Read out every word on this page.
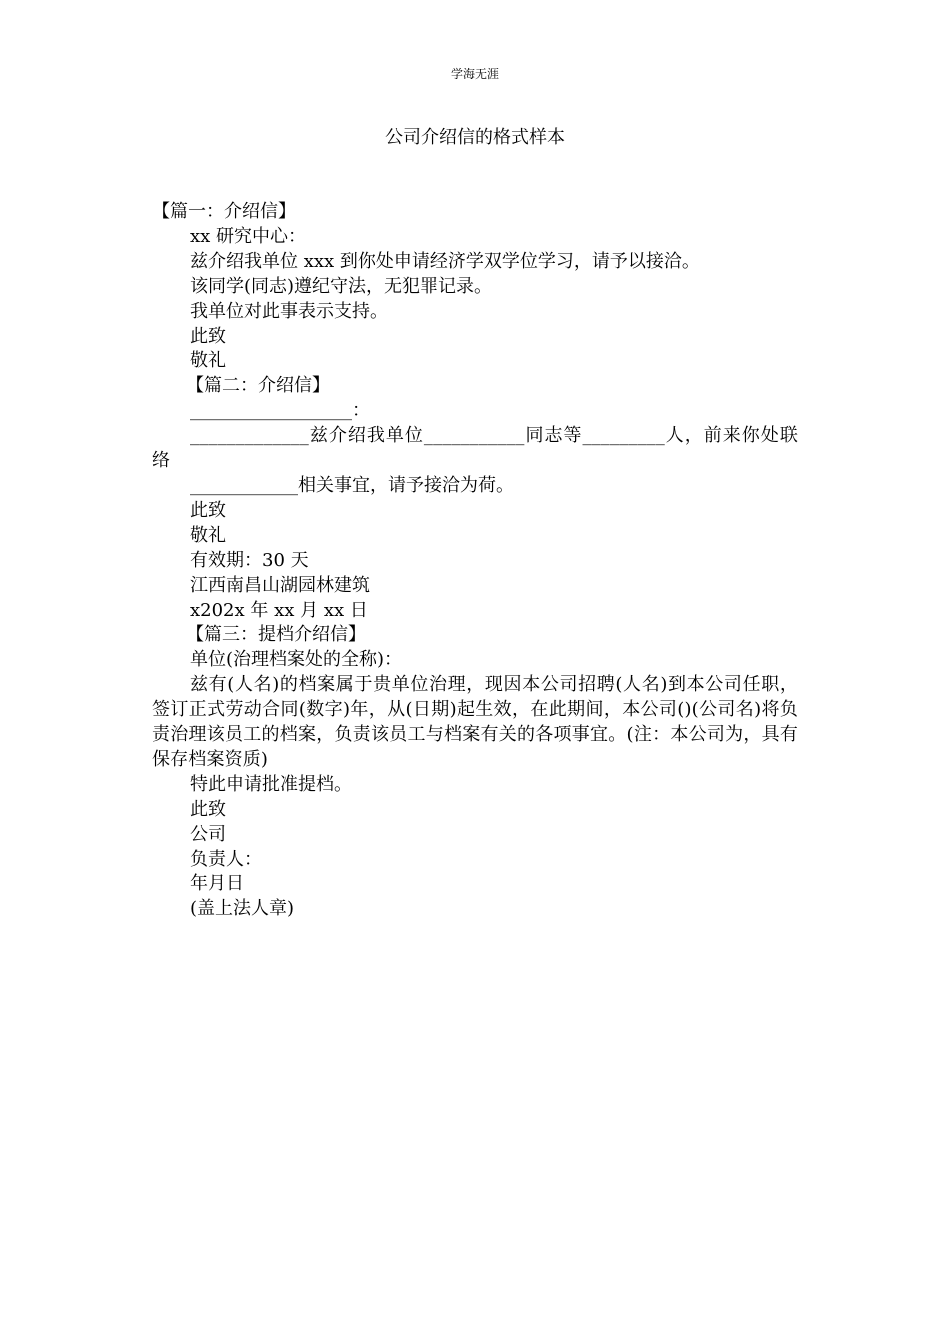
学海无涯
公司介绍信的格式样本
【篇一：介绍信】
xx 研究中心：
兹介绍我单位 xxx 到你处申请经济学双学位学习，请予以接洽。
该同学(同志)遵纪守法，无犯罪记录。
我单位对此事表示支持。
此致
敬礼
【篇二：介绍信】
__________________：
_____________兹介绍我单位___________同志等_________人，前来你处联络
____________相关事宜，请予接洽为荷。
此致
敬礼
有效期：30 天
江西南昌山湖园林建筑
x202x 年 xx 月 xx 日
【篇三：提档介绍信】
单位(治理档案处的全称)：
兹有(人名)的档案属于贵单位治理，现因本公司招聘(人名)到本公司任职，签订正式劳动合同(数字)年，从(日期)起生效，在此期间，本公司()(公司名)将负责治理该员工的档案，负责该员工与档案有关的各项事宜。(注：本公司为，具有保存档案资质)
特此申请批准提档。
此致
公司
负责人：
年月日
(盖上法人章)
